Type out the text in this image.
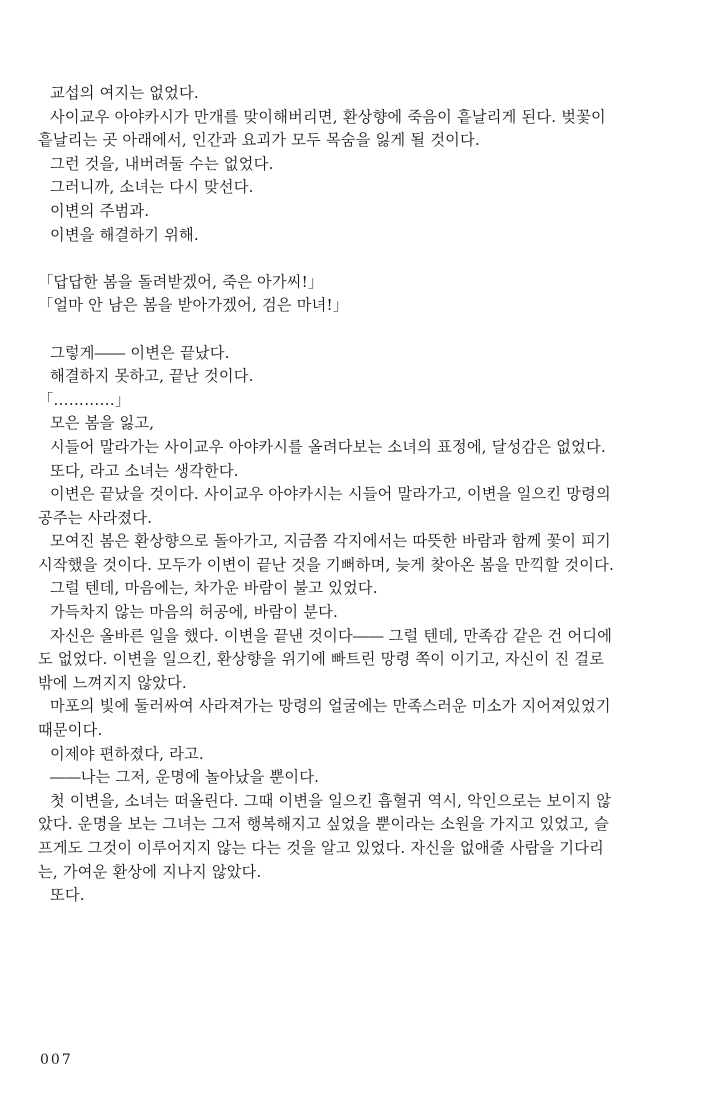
교섭의 여지는 없었다.
사이교우 아야카시가 만개를 맞이해버리면, 환상향에 죽음이 흩날리게 된다. 벚꽃이
흩날리는 곳 아래에서, 인간과 요괴가 모두 목숨을 잃게 될 것이다.
그런 것을, 내버려둘 수는 없었다.
그러니까, 소녀는 다시 맞선다.
이변의 주범과.
이변을 해결하기 위해.
「답답한 봄을 돌려받겠어, 죽은 아가씨!」
「얼마 안 남은 봄을 받아가겠어, 검은 마녀!」
그렇게―― 이변은 끝났다.
해결하지 못하고, 끝난 것이다.
「…………」
모은 봄을 잃고,
시들어 말라가는 사이교우 아야카시를 올려다보는 소녀의 표정에, 달성감은 없었다.
또다, 라고 소녀는 생각한다.
이변은 끝났을 것이다. 사이교우 아야카시는 시들어 말라가고, 이변을 일으킨 망령의
공주는 사라졌다.
모여진 봄은 환상향으로 돌아가고, 지금쯤 각지에서는 따뜻한 바람과 함께 꽃이 피기
시작했을 것이다. 모두가 이변이 끝난 것을 기뻐하며, 늦게 찾아온 봄을 만끽할 것이다.
그럴 텐데, 마음에는, 차가운 바람이 불고 있었다.
가득차지 않는 마음의 허공에, 바람이 분다.
자신은 올바른 일을 했다. 이변을 끝낸 것이다―― 그럴 텐데, 만족감 같은 건 어디에
도 없었다. 이변을 일으킨, 환상향을 위기에 빠트린 망령 쪽이 이기고, 자신이 진 걸로
밖에 느껴지지 않았다.
마포의 빛에 둘러싸여 사라져가는 망령의 얼굴에는 만족스러운 미소가 지어져있었기
때문이다.
이제야 편하졌다, 라고.
――나는 그저, 운명에 놀아났을 뿐이다.
첫 이변을, 소녀는 떠올린다. 그때 이변을 일으킨 흡혈귀 역시, 악인으로는 보이지 않
았다. 운명을 보는 그녀는 그저 행복해지고 싶었을 뿐이라는 소원을 가지고 있었고, 슬
프게도 그것이 이루어지지 않는 다는 것을 알고 있었다. 자신을 없애줄 사람을 기다리
는, 가여운 환상에 지나지 않았다.
또다.
007
